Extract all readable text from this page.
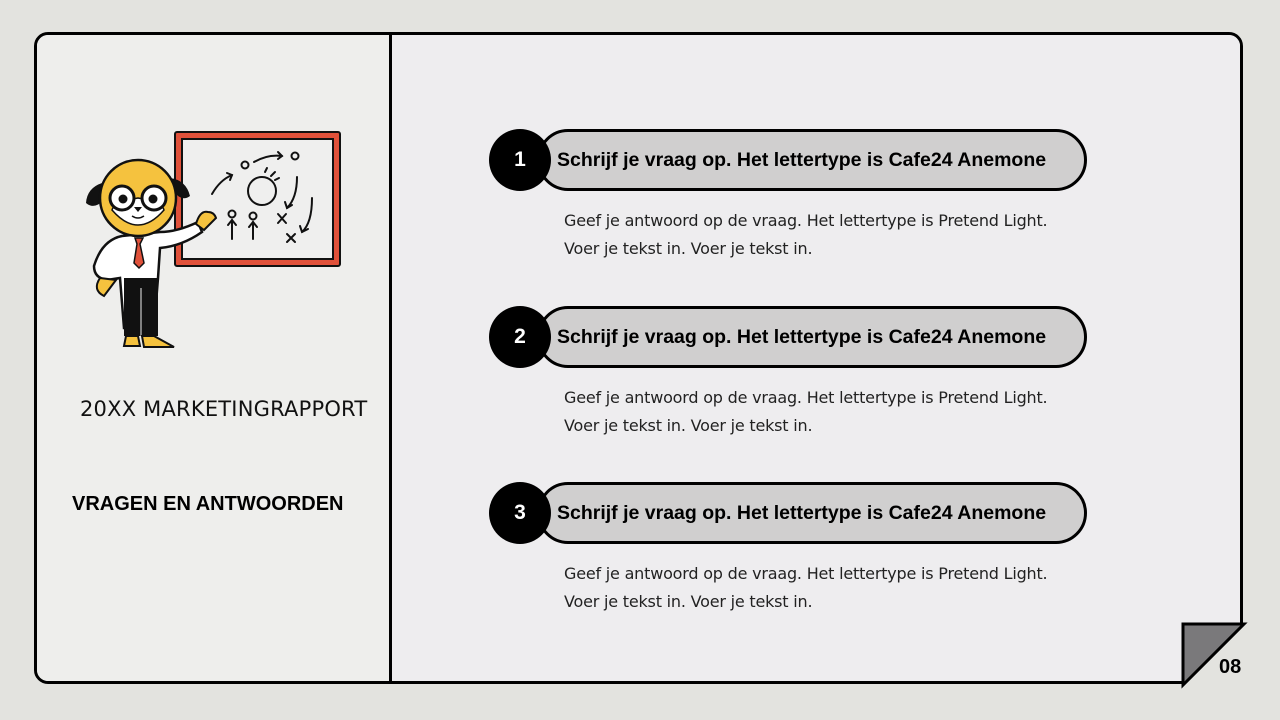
20XX MARKETINGRAPPORT
VRAGEN EN ANTWOORDEN
Schrijf je vraag op. Het lettertype is Cafe24 Anemone
1
Geef je antwoord op de vraag. Het lettertype is Pretend Light.
Voer je tekst in. Voer je tekst in.
Schrijf je vraag op. Het lettertype is Cafe24 Anemone
2
Geef je antwoord op de vraag. Het lettertype is Pretend Light.
Voer je tekst in. Voer je tekst in.
Schrijf je vraag op. Het lettertype is Cafe24 Anemone
3
Geef je antwoord op de vraag. Het lettertype is Pretend Light.
Voer je tekst in. Voer je tekst in.
08
